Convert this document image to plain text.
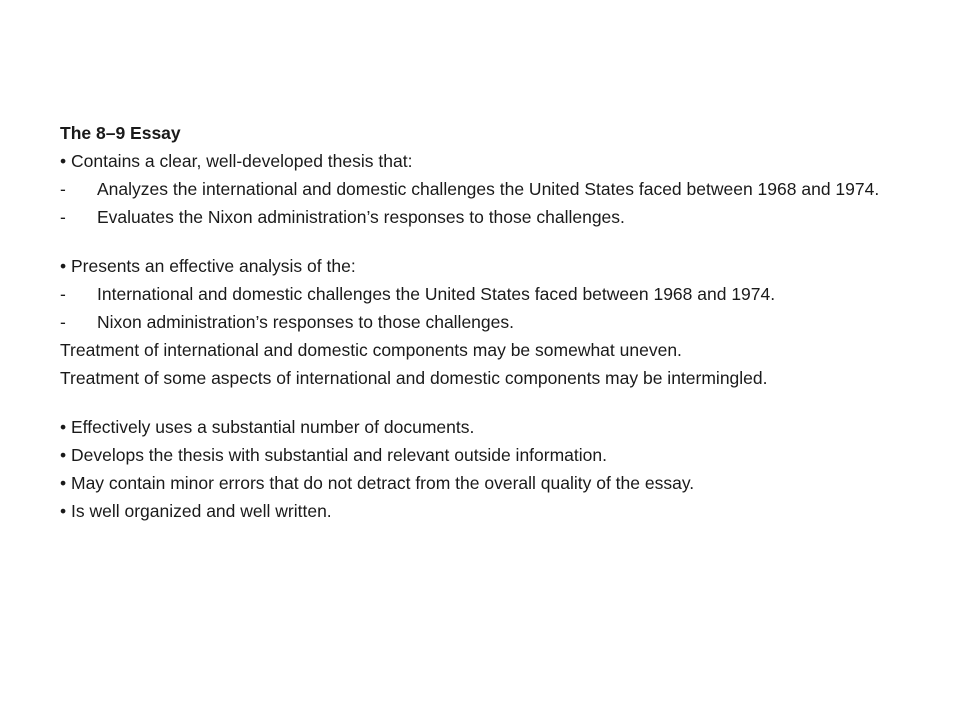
The 8–9 Essay
• Contains a clear, well-developed thesis that:
-	Analyzes the international and domestic challenges the United States faced between 1968 and 1974.
-	Evaluates the Nixon administration’s responses to those challenges.
• Presents an effective analysis of the:
-	International and domestic challenges the United States faced between 1968 and 1974.
-	Nixon administration’s responses to those challenges.
Treatment of international and domestic components may be somewhat uneven.
Treatment of some aspects of international and domestic components may be intermingled.
• Effectively uses a substantial number of documents.
• Develops the thesis with substantial and relevant outside information.
• May contain minor errors that do not detract from the overall quality of the essay.
• Is well organized and well written.
